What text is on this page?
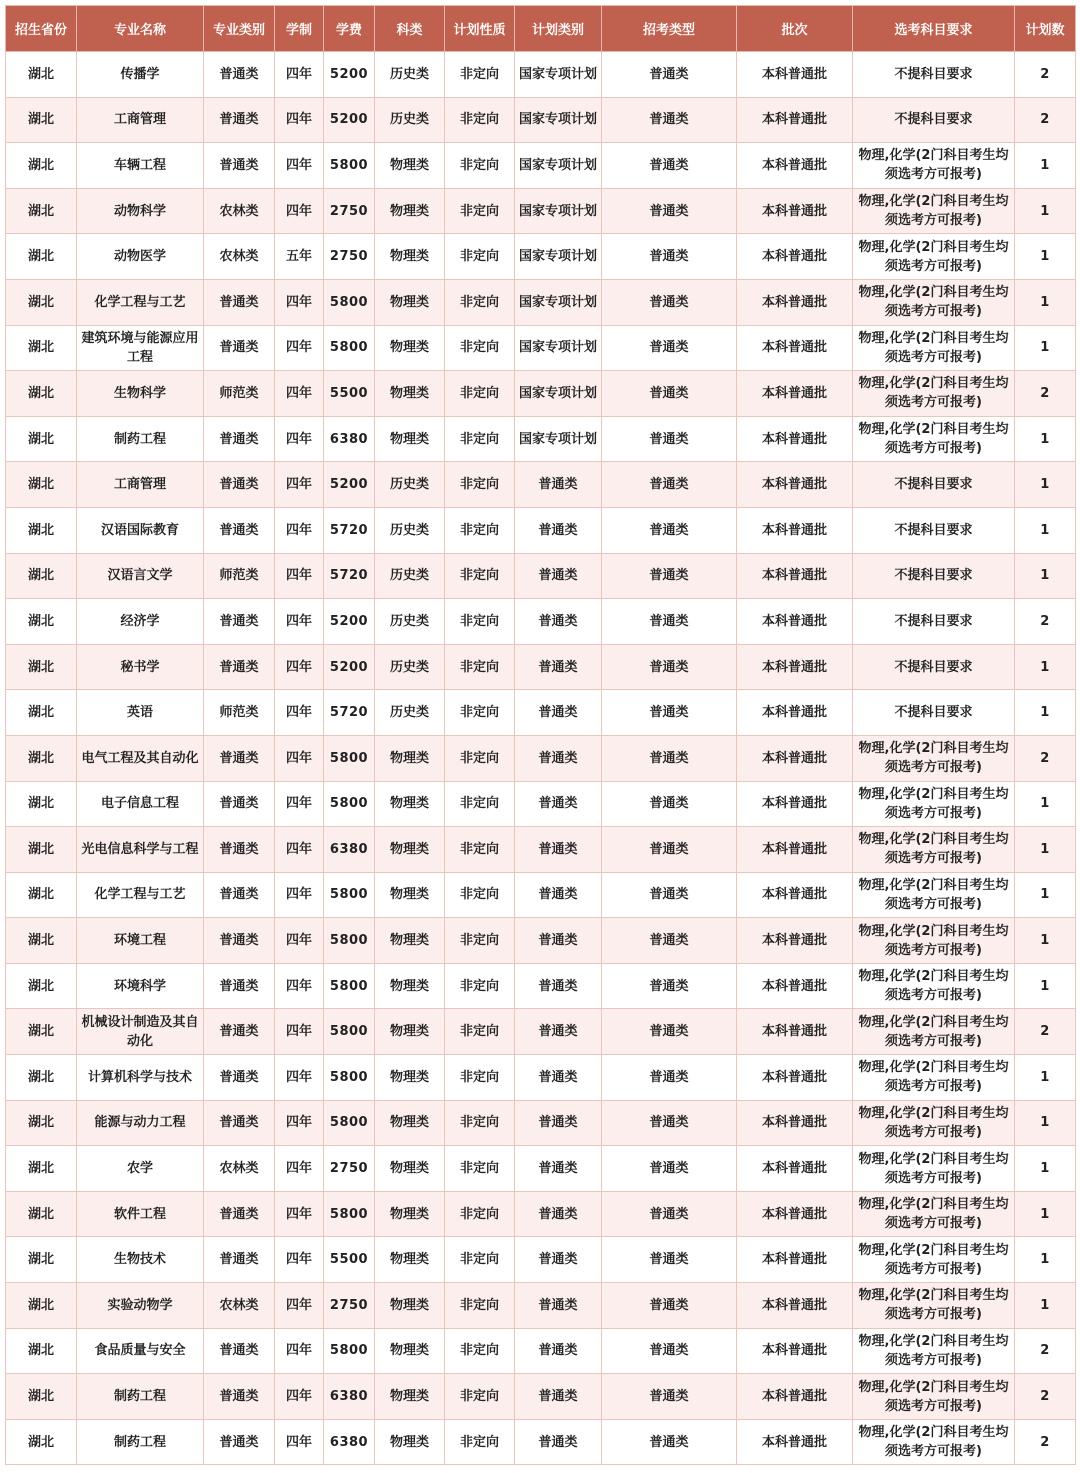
招生省份	专业名称	专业类别	学制	学费	科类	计划性质	计划类别	招考类型	批次	选考科目要求	计划数
湖北	传播学	普通类	四年	5200	历史类	非定向	国家专项计划	普通类	本科普通批	不提科目要求	2
湖北	工商管理	普通类	四年	5200	历史类	非定向	国家专项计划	普通类	本科普通批	不提科目要求	2
湖北	车辆工程	普通类	四年	5800	物理类	非定向	国家专项计划	普通类	本科普通批	物理,化学(2门科目考生均须选考方可报考)	1
湖北	动物科学	农林类	四年	2750	物理类	非定向	国家专项计划	普通类	本科普通批	物理,化学(2门科目考生均须选考方可报考)	1
湖北	动物医学	农林类	五年	2750	物理类	非定向	国家专项计划	普通类	本科普通批	物理,化学(2门科目考生均须选考方可报考)	1
湖北	化学工程与工艺	普通类	四年	5800	物理类	非定向	国家专项计划	普通类	本科普通批	物理,化学(2门科目考生均须选考方可报考)	1
湖北	建筑环境与能源应用工程	普通类	四年	5800	物理类	非定向	国家专项计划	普通类	本科普通批	物理,化学(2门科目考生均须选考方可报考)	1
湖北	生物科学	师范类	四年	5500	物理类	非定向	国家专项计划	普通类	本科普通批	物理,化学(2门科目考生均须选考方可报考)	2
湖北	制药工程	普通类	四年	6380	物理类	非定向	国家专项计划	普通类	本科普通批	物理,化学(2门科目考生均须选考方可报考)	1
湖北	工商管理	普通类	四年	5200	历史类	非定向	普通类	普通类	本科普通批	不提科目要求	1
湖北	汉语国际教育	普通类	四年	5720	历史类	非定向	普通类	普通类	本科普通批	不提科目要求	1
湖北	汉语言文学	师范类	四年	5720	历史类	非定向	普通类	普通类	本科普通批	不提科目要求	1
湖北	经济学	普通类	四年	5200	历史类	非定向	普通类	普通类	本科普通批	不提科目要求	2
湖北	秘书学	普通类	四年	5200	历史类	非定向	普通类	普通类	本科普通批	不提科目要求	1
湖北	英语	师范类	四年	5720	历史类	非定向	普通类	普通类	本科普通批	不提科目要求	1
湖北	电气工程及其自动化	普通类	四年	5800	物理类	非定向	普通类	普通类	本科普通批	物理,化学(2门科目考生均须选考方可报考)	2
湖北	电子信息工程	普通类	四年	5800	物理类	非定向	普通类	普通类	本科普通批	物理,化学(2门科目考生均须选考方可报考)	1
湖北	光电信息科学与工程	普通类	四年	6380	物理类	非定向	普通类	普通类	本科普通批	物理,化学(2门科目考生均须选考方可报考)	1
湖北	化学工程与工艺	普通类	四年	5800	物理类	非定向	普通类	普通类	本科普通批	物理,化学(2门科目考生均须选考方可报考)	1
湖北	环境工程	普通类	四年	5800	物理类	非定向	普通类	普通类	本科普通批	物理,化学(2门科目考生均须选考方可报考)	1
湖北	环境科学	普通类	四年	5800	物理类	非定向	普通类	普通类	本科普通批	物理,化学(2门科目考生均须选考方可报考)	1
湖北	机械设计制造及其自动化	普通类	四年	5800	物理类	非定向	普通类	普通类	本科普通批	物理,化学(2门科目考生均须选考方可报考)	2
湖北	计算机科学与技术	普通类	四年	5800	物理类	非定向	普通类	普通类	本科普通批	物理,化学(2门科目考生均须选考方可报考)	1
湖北	能源与动力工程	普通类	四年	5800	物理类	非定向	普通类	普通类	本科普通批	物理,化学(2门科目考生均须选考方可报考)	1
湖北	农学	农林类	四年	2750	物理类	非定向	普通类	普通类	本科普通批	物理,化学(2门科目考生均须选考方可报考)	1
湖北	软件工程	普通类	四年	5800	物理类	非定向	普通类	普通类	本科普通批	物理,化学(2门科目考生均须选考方可报考)	1
湖北	生物技术	普通类	四年	5500	物理类	非定向	普通类	普通类	本科普通批	物理,化学(2门科目考生均须选考方可报考)	1
湖北	实验动物学	农林类	四年	2750	物理类	非定向	普通类	普通类	本科普通批	物理,化学(2门科目考生均须选考方可报考)	1
湖北	食品质量与安全	普通类	四年	5800	物理类	非定向	普通类	普通类	本科普通批	物理,化学(2门科目考生均须选考方可报考)	2
湖北	制药工程	普通类	四年	6380	物理类	非定向	普通类	普通类	本科普通批	物理,化学(2门科目考生均须选考方可报考)	2
湖北	制药工程	普通类	四年	6380	物理类	非定向	普通类	普通类	本科普通批	物理,化学(2门科目考生均须选考方可报考)	2
